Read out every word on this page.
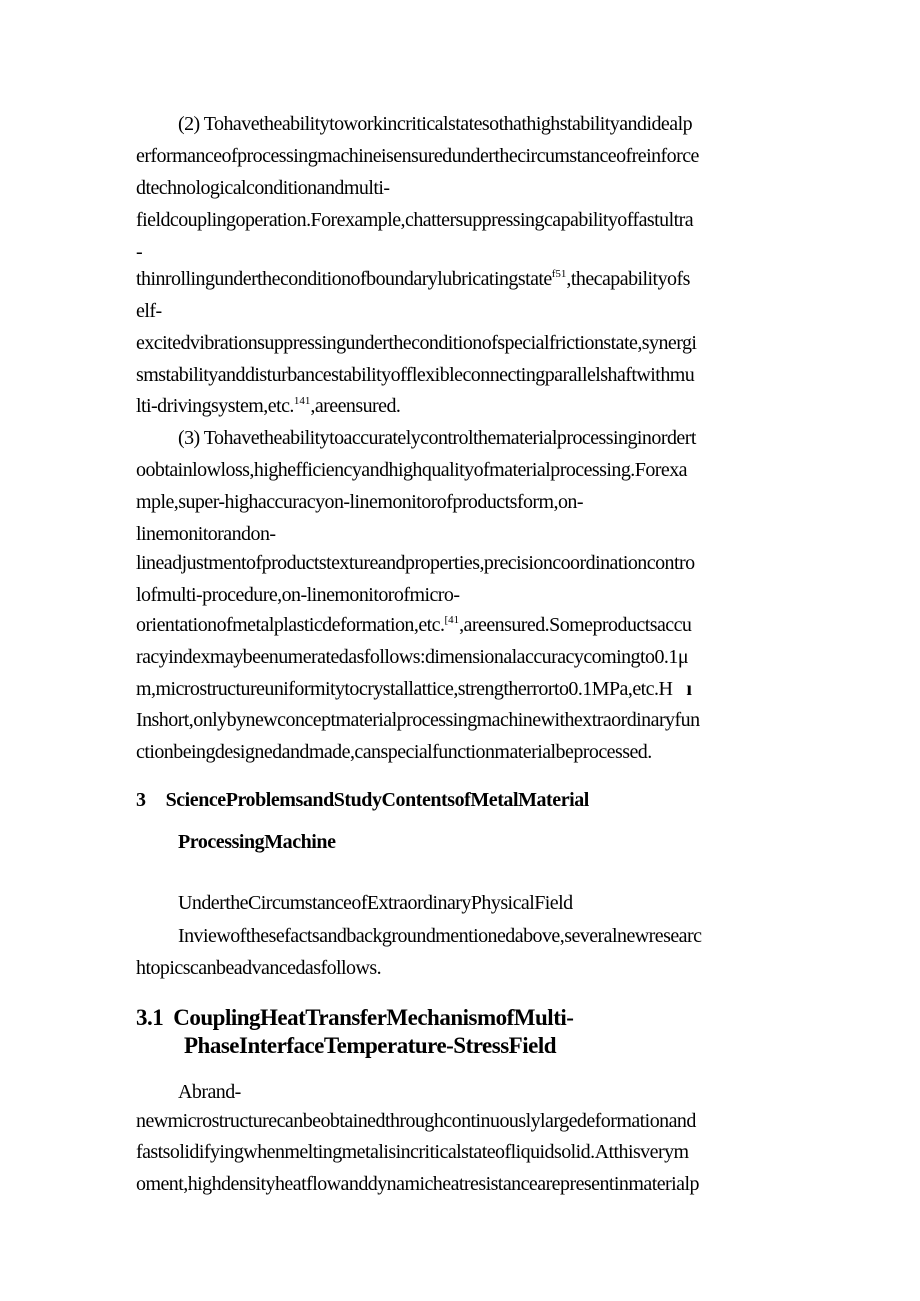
(2) Tohavetheabilitytoworkincriticalstatesothathighstabilityandidealp
erformanceofprocessingmachineisensuredunderthecircumstanceofreinforce
dtechnologicalconditionandmulti-
fieldcouplingoperation.Forexample,chattersuppressingcapabilityoffastultra
-
thinrollingundertheconditionofboundarylubricatingstate$^{f51}$,thecapabilityofs
elf-
excitedvibrationsuppressingundertheconditionofspecialfrictionstate,synergi
smstabilityanddisturbancestabilityofflexibleconnectingparallelshaftwithmu
lti-drivingsystem,etc.$^{141}$,areensured.
(3) Tohavetheabilitytoaccuratelycontrolthematerialprocessinginordert
oobtainlowloss,highefficiencyandhighqualityofmaterialprocessing.Forexa
mple,super-highaccuracyon-linemonitorofproductsform,on-
linemonitorandon-
lineadjustmentofproductstextureandproperties,precisioncoordinationcontro
lofmulti-procedure,on-linemonitorofmicro-
orientationofmetalplasticdeformation,etc.$^{[41}$,areensured.Someproductsaccu
racyindexmaybeenumeratedasfollows:dimensionalaccuracycomingto0.1μ
m,microstructureuniformitytocrystallattice,strengtherrorto0.1MPa,etc.H ı
Inshort,onlybynewconceptmaterialprocessingmachinewithextraordinaryfun
ctionbeingdesignedandmade,canspecialfunctionmaterialbeprocessed.
3 ScienceProblemsandStudyContentsofMetalMaterial
ProcessingMachine
UndertheCircumstanceofExtraordinaryPhysicalField
Inviewofthesefactsandbackgroundmentionedabove,severalnewresearc
htopicscanbeadvancedasfollows.
3.1 CouplingHeatTransferMechanismofMulti-
PhaseInterfaceTemperature-StressField
Abrand-
newmicrostructurecanbeobtainedthroughcontinuouslylargedeformationand
fastsolidifyingwhenmeltingmetalisincriticalstateofliquidsolid.Atthisverym
oment,highdensityheatflowanddynamicheatresistancearepresentinmaterialp
